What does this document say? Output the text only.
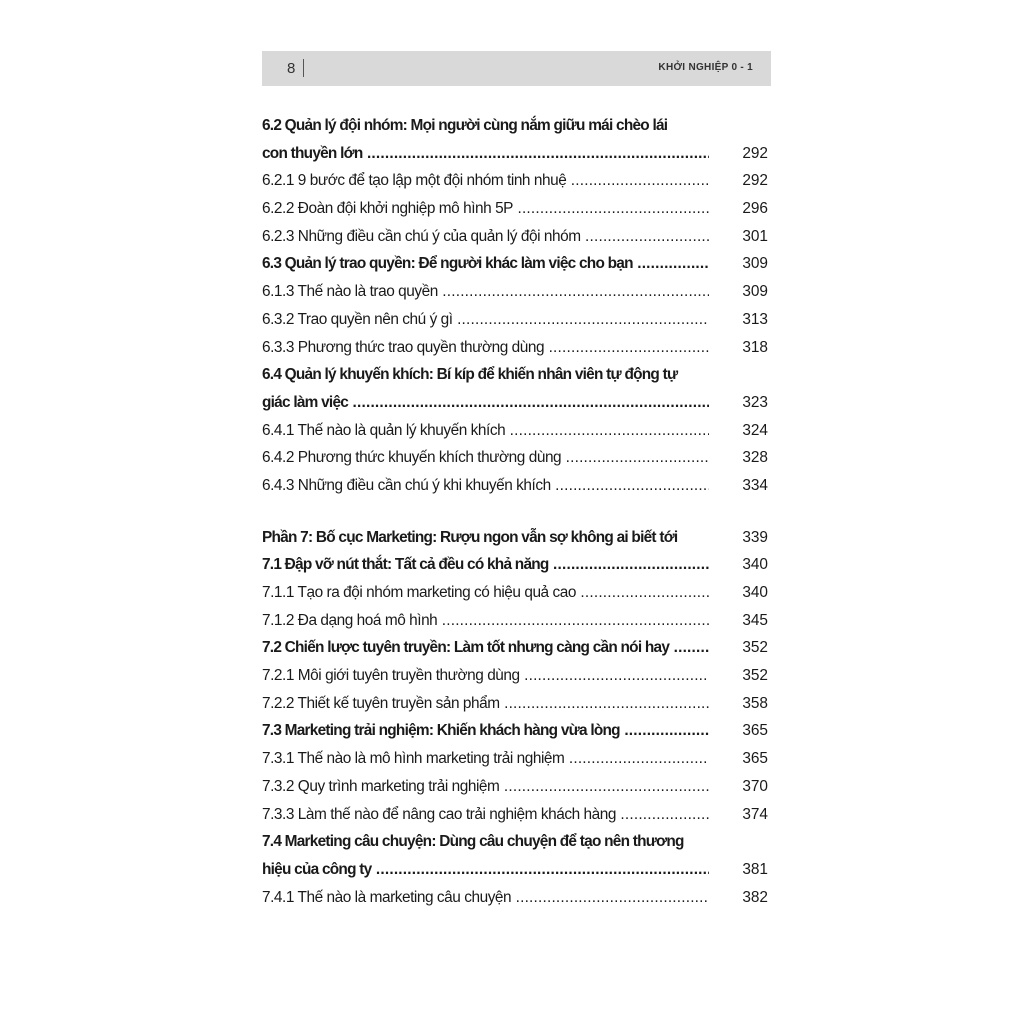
8	KHỞI NGHIỆP 0 - 1
6.2 Quản lý đội nhóm: Mọi người cùng nắm giữu mái chèo lái
con thuyền lớn .....	292
6.2.1 9 bước để tạo lập một đội nhóm tinh nhuệ .....	292
6.2.2 Đoàn đội khởi nghiệp mô hình 5P .....	296
6.2.3 Những điều cần chú ý của quản lý đội nhóm .....	301
6.3 Quản lý trao quyền: Để người khác làm việc cho bạn .....	309
6.1.3 Thế nào là trao quyền .....	309
6.3.2 Trao quyền nên chú ý gì .....	313
6.3.3 Phương thức trao quyền thường dùng .....	318
6.4 Quản lý khuyến khích: Bí kíp để khiến nhân viên tự động tự
giác làm việc .....	323
6.4.1 Thế nào là quản lý khuyến khích .....	324
6.4.2 Phương thức khuyến khích thường dùng .....	328
6.4.3 Những điều cần chú ý khi khuyến khích .....	334
Phần 7: Bố cục Marketing: Rượu ngon vẫn sợ không ai biết tới	339
7.1 Đập vỡ nút thắt: Tất cả đều có khả năng .....	340
7.1.1 Tạo ra đội nhóm marketing có hiệu quả cao .....	340
7.1.2 Đa dạng hoá mô hình .....	345
7.2 Chiến lược tuyên truyền: Làm tốt nhưng càng cần nói hay .....	352
7.2.1 Môi giới tuyên truyền thường dùng .....	352
7.2.2 Thiết kế tuyên truyền sản phẩm .....	358
7.3 Marketing trải nghiệm: Khiến khách hàng vừa lòng .....	365
7.3.1 Thế nào là mô hình marketing trải nghiệm .....	365
7.3.2 Quy trình marketing trải nghiệm .....	370
7.3.3 Làm thế nào để nâng cao trải nghiệm khách hàng .....	374
7.4 Marketing câu chuyện: Dùng câu chuyện để tạo nên thương
hiệu của công ty .....	381
7.4.1 Thế nào là marketing câu chuyện .....	382
